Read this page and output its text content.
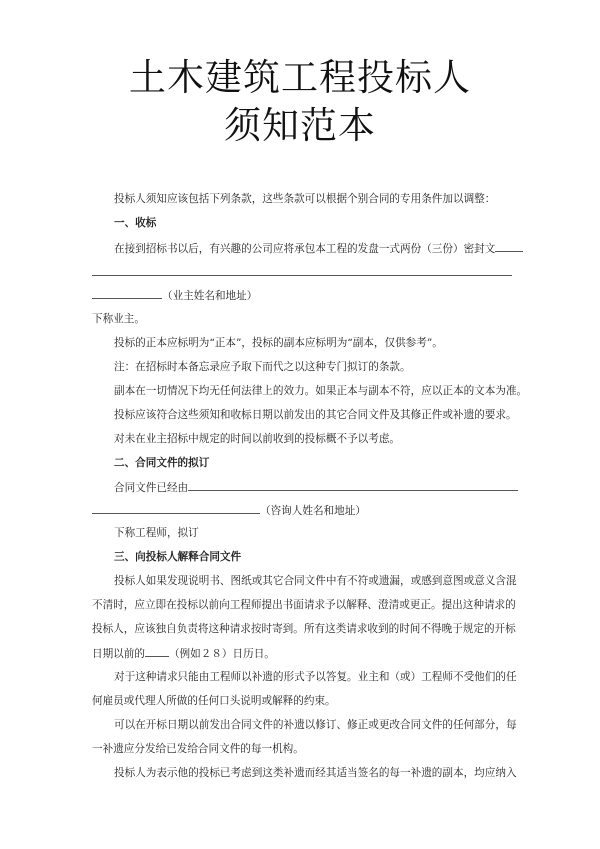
土木建筑工程投标人
须知范本
投标人须知应该包括下列条款，这些条款可以根据个别合同的专用条件加以调整：
一、收标
在接到招标书以后，有兴趣的公司应将承包本工程的发盘一式两份（三份）密封文
（业主姓名和地址）
下称业主。
投标的正本应标明为“正本”，投标的副本应标明为“副本，仅供参考”。
注：在招标时本备忘录应予取下而代之以这种专门拟订的条款。
副本在一切情况下均无任何法律上的效力。如果正本与副本不符，应以正本的文本为准。
投标应该符合这些须知和收标日期以前发出的其它合同文件及其修正件或补遗的要求。
对未在业主招标中规定的时间以前收到的投标概不予以考虑。
二、合同文件的拟订
合同文件已经由
（咨询人姓名和地址）
下称工程师，拟订
三、向投标人解释合同文件
投标人如果发现说明书、图纸或其它合同文件中有不符或遗漏，或感到意图或意义含混
不清时，应立即在投标以前向工程师提出书面请求予以解释、澄清或更正。提出这种请求的
投标人，应该独自负责将这种请求按时寄到。所有这类请求收到的时间不得晚于规定的开标
日期以前的 （例如２８）日历日。
对于这种请求只能由工程师以补遗的形式予以答复。业主和（或）工程师不受他们的任
何雇员或代理人所做的任何口头说明或解释的约束。
可以在开标日期以前发出合同文件的补遗以修订、修正或更改合同文件的任何部分，每
一补遗应分发给已发给合同文件的每一机构。
投标人为表示他的投标已考虑到这类补遗而经其适当签名的每一补遗的副本，均应纳入
